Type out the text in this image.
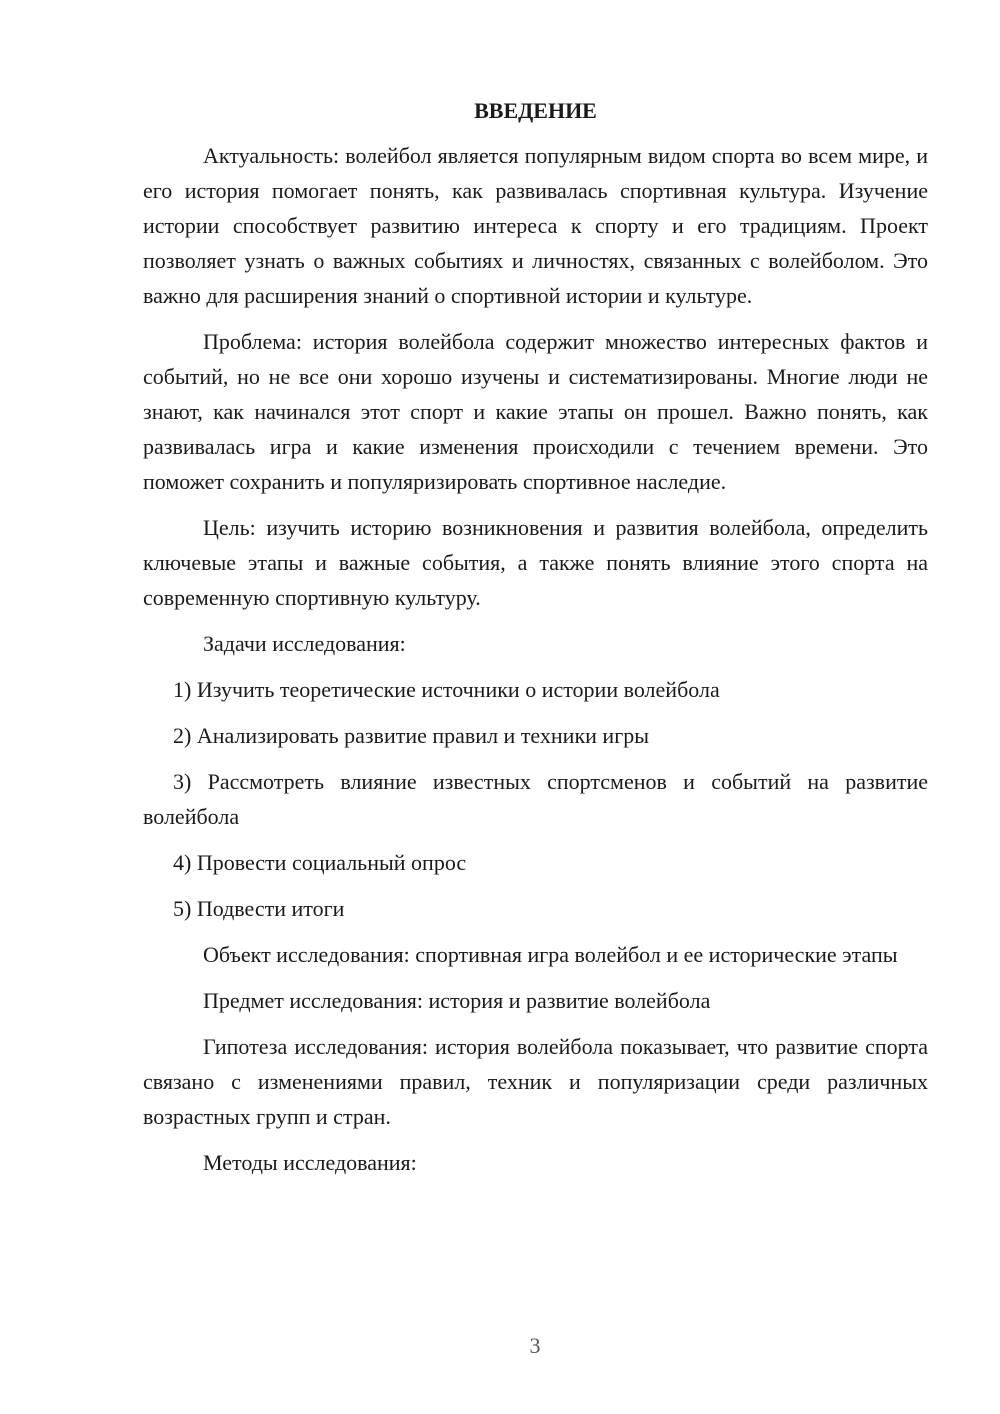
ВВЕДЕНИЕ

Актуальность: волейбол является популярным видом спорта во всем мире, и его история помогает понять, как развивалась спортивная культура. Изучение истории способствует развитию интереса к спорту и его традициям. Проект позволяет узнать о важных событиях и личностях, связанных с волейболом. Это важно для расширения знаний о спортивной истории и культуре.

Проблема: история волейбола содержит множество интересных фактов и событий, но не все они хорошо изучены и систематизированы. Многие люди не знают, как начинался этот спорт и какие этапы он прошел. Важно понять, как развивалась игра и какие изменения происходили с течением времени. Это поможет сохранить и популяризировать спортивное наследие.

Цель: изучить историю возникновения и развития волейбола, определить ключевые этапы и важные события, а также понять влияние этого спорта на современную спортивную культуру.

Задачи исследования:

1) Изучить теоретические источники о истории волейбола

2) Анализировать развитие правил и техники игры

3) Рассмотреть влияние известных спортсменов и событий на развитие волейбола

4) Провести социальный опрос

5) Подвести итоги

Объект исследования: спортивная игра волейбол и ее исторические этапы

Предмет исследования: история и развитие волейбола

Гипотеза исследования: история волейбола показывает, что развитие спорта связано с изменениями правил, техник и популяризации среди различных возрастных групп и стран.

Методы исследования:

3
